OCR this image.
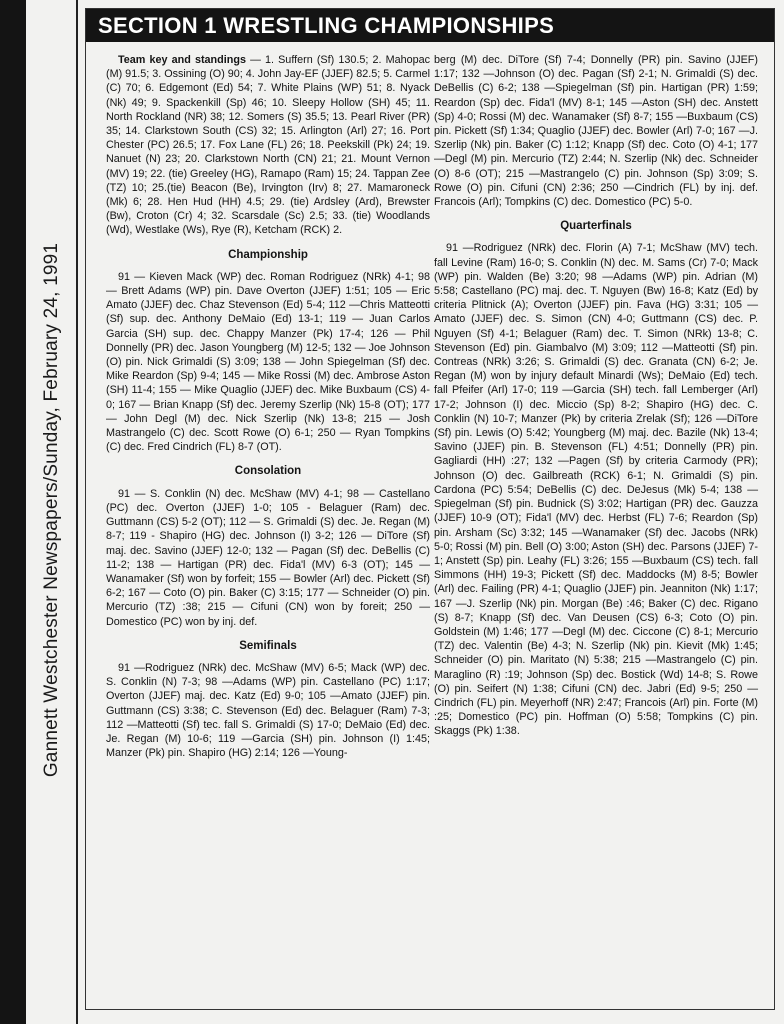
Gannett Westchester Newspapers/Sunday, February 24, 1991
SECTION 1 WRESTLING CHAMPIONSHIPS

Team key and standings — 1. Suffern (Sf) 130.5; 2. Mahopac (M) 91.5; 3. Ossining (O) 90; 4. John Jay-EF (JJEF) 82.5; 5. Carmel (C) 70; 6. Edgemont (Ed) 54; 7. White Plains (WP) 51; 8. Nyack (Nk) 49; 9. Spackenkill (Sp) 46; 10. Sleepy Hollow (SH) 45; 11. North Rockland (NR) 38; 12. Somers (S) 35.5; 13. Pearl River (PR) 35; 14. Clarkstown South (CS) 32; 15. Arlington (Arl) 27; 16. Port Chester (PC) 26.5; 17. Fox Lane (FL) 26; 18. Peekskill (Pk) 24; 19. Nanuet (N) 23; 20. Clarkstown North (CN) 21; 21. Mount Vernon (MV) 19; 22. (tie) Greeley (HG), Ramapo (Ram) 15; 24. Tappan Zee (TZ) 10; 25.(tie) Beacon (Be), Irvington (Irv) 8; 27. Mamaroneck (Mk) 6; 28. Hen Hud (HH) 4.5; 29. (tie) Ardsley (Ard), Brewster (Bw), Croton (Cr) 4; 32. Scarsdale (Sc) 2.5; 33. (tie) Woodlands (Wd), Westlake (Ws), Rye (R), Ketcham (RCK) 2.

Championship

91 — Kieven Mack (WP) dec. Roman Rodriguez (NRk) 4-1; 98 — Brett Adams (WP) pin. Dave Overton (JJEF) 1:51; 105 — Eric Amato (JJEF) dec. Chaz Stevenson (Ed) 5-4; 112 —Chris Matteotti (Sf) sup. dec. Anthony DeMaio (Ed) 13-1; 119 — Juan Carlos Garcia (SH) sup. dec. Chappy Manzer (Pk) 17-4; 126 — Phil Donnelly (PR) dec. Jason Youngberg (M) 12-5; 132 — Joe Johnson (O) pin. Nick Grimaldi (S) 3:09; 138 — John Spiegelman (Sf) dec. Mike Reardon (Sp) 9-4; 145 — Mike Rossi (M) dec. Ambrose Aston (SH) 11-4; 155 — Mike Quaglio (JJEF) dec. Mike Buxbaum (CS) 4-0; 167 — Brian Knapp (Sf) dec. Jeremy Szerlip (Nk) 15-8 (OT); 177 — John Degl (M) dec. Nick Szerlip (Nk) 13-8; 215 — Josh Mastrangelo (C) dec. Scott Rowe (O) 6-1; 250 — Ryan Tompkins (C) dec. Fred Cindrich (FL) 8-7 (OT).

Consolation

91 — S. Conklin (N) dec. McShaw (MV) 4-1; 98 — Castellano (PC) dec. Overton (JJEF) 1-0; 105 - Belaguer (Ram) dec. Guttmann (CS) 5-2 (OT); 112 — S. Grimaldi (S) dec. Je. Regan (M) 8-7; 119 - Shapiro (HG) dec. Johnson (I) 3-2; 126 — DiTore (Sf) maj. dec. Savino (JJEF) 12-0; 132 — Pagan (Sf) dec. DeBellis (C) 11-2; 138 — Hartigan (PR) dec. Fida'l (MV) 6-3 (OT); 145 — Wanamaker (Sf) won by forfeit; 155 — Bowler (Arl) dec. Pickett (Sf) 6-2; 167 — Coto (O) pin. Baker (C) 3:15; 177 — Schneider (O) pin. Mercurio (TZ) :38; 215 — Cifuni (CN) won by foreit; 250 — Domestico (PC) won by inj. def.

Semifinals

91 —Rodriguez (NRk) dec. McShaw (MV) 6-5; Mack (WP) dec. S. Conklin (N) 7-3; 98 —Adams (WP) pin. Castellano (PC) 1:17; Overton (JJEF) maj. dec. Katz (Ed) 9-0; 105 —Amato (JJEF) pin. Guttmann (CS) 3:38; C. Stevenson (Ed) dec. Belaguer (Ram) 7-3; 112 —Matteotti (Sf) tec. fall S. Grimaldi (S) 17-0; DeMaio (Ed) dec. Je. Regan (M) 10-6; 119 —Garcia (SH) pin. Johnson (I) 1:45; Manzer (Pk) pin. Shapiro (HG) 2:14; 126 —Young-

berg (M) dec. DiTore (Sf) 7-4; Donnelly (PR) pin. Savino (JJEF) 1:17; 132 —Johnson (O) dec. Pagan (Sf) 2-1; N. Grimaldi (S) dec. DeBellis (C) 6-2; 138 —Spiegelman (Sf) pin. Hartigan (PR) 1:59; Reardon (Sp) dec. Fida'l (MV) 8-1; 145 —Aston (SH) dec. Anstett (Sp) 4-0; Rossi (M) dec. Wanamaker (Sf) 8-7; 155 —Buxbaum (CS) pin. Pickett (Sf) 1:34; Quaglio (JJEF) dec. Bowler (Arl) 7-0; 167 —J. Szerlip (Nk) pin. Baker (C) 1:12; Knapp (Sf) dec. Coto (O) 4-1; 177 —Degl (M) pin. Mercurio (TZ) 2:44; N. Szerlip (Nk) dec. Schneider (O) 8-6 (OT); 215 —Mastrangelo (C) pin. Johnson (Sp) 3:09; S. Rowe (O) pin. Cifuni (CN) 2:36; 250 —Cindrich (FL) by inj. def. Francois (Arl); Tompkins (C) dec. Domestico (PC) 5-0.

Quarterfinals

91 —Rodriguez (NRk) dec. Florin (A) 7-1; McShaw (MV) tech. fall Levine (Ram) 16-0; S. Conklin (N) dec. M. Sams (Cr) 7-0; Mack (WP) pin. Walden (Be) 3:20; 98 —Adams (WP) pin. Adrian (M) 5:58; Castellano (PC) maj. dec. T. Nguyen (Bw) 16-8; Katz (Ed) by criteria Plitnick (A); Overton (JJEF) pin. Fava (HG) 3:31; 105 —Amato (JJEF) dec. S. Simon (CN) 4-0; Guttmann (CS) dec. P. Nguyen (Sf) 4-1; Belaguer (Ram) dec. T. Simon (NRk) 13-8; C. Stevenson (Ed) pin. Giambalvo (M) 3:09; 112 —Matteotti (Sf) pin. Contreas (NRk) 3:26; S. Grimaldi (S) dec. Granata (CN) 6-2; Je. Regan (M) won by injury default Minardi (Ws); DeMaio (Ed) tech. fall Pfeifer (Arl) 17-0; 119 —Garcia (SH) tech. fall Lemberger (Arl) 17-2; Johnson (I) dec. Miccio (Sp) 8-2; Shapiro (HG) dec. C. Conklin (N) 10-7; Manzer (Pk) by criteria Zrelak (Sf); 126 —DiTore (Sf) pin. Lewis (O) 5:42; Youngberg (M) maj. dec. Bazile (Nk) 13-4; Savino (JJEF) pin. B. Stevenson (FL) 4:51; Donnelly (PR) pin. Gagliardi (HH) :27; 132 —Pagen (Sf) by criteria Carmody (PR); Johnson (O) dec. Gailbreath (RCK) 6-1; N. Grimaldi (S) pin. Cardona (PC) 5:54; DeBellis (C) dec. DeJesus (Mk) 5-4; 138 —Spiegelman (Sf) pin. Budnick (S) 3:02; Hartigan (PR) dec. Gauzza (JJEF) 10-9 (OT); Fida'l (MV) dec. Herbst (FL) 7-6; Reardon (Sp) pin. Arsham (Sc) 3:32; 145 —Wanamaker (Sf) dec. Jacobs (NRk) 5-0; Rossi (M) pin. Bell (O) 3:00; Aston (SH) dec. Parsons (JJEF) 7-1; Anstett (Sp) pin. Leahy (FL) 3:26; 155 —Buxbaum (CS) tech. fall Simmons (HH) 19-3; Pickett (Sf) dec. Maddocks (M) 8-5; Bowler (Arl) dec. Failing (PR) 4-1; Quaglio (JJEF) pin. Jeanniton (Nk) 1:17; 167 —J. Szerlip (Nk) pin. Morgan (Be) :46; Baker (C) dec. Rigano (S) 8-7; Knapp (Sf) dec. Van Deusen (CS) 6-3; Coto (O) pin. Goldstein (M) 1:46; 177 —Degl (M) dec. Ciccone (C) 8-1; Mercurio (TZ) dec. Valentin (Be) 4-3; N. Szerlip (Nk) pin. Kievit (Mk) 1:45; Schneider (O) pin. Maritato (N) 5:38; 215 —Mastrangelo (C) pin. Maraglino (R) :19; Johnson (Sp) dec. Bostick (Wd) 14-8; S. Rowe (O) pin. Seifert (N) 1:38; Cifuni (CN) dec. Jabri (Ed) 9-5; 250 —Cindrich (FL) pin. Meyerhoff (NR) 2:47; Francois (Arl) pin. Forte (M) :25; Domestico (PC) pin. Hoffman (O) 5:58; Tompkins (C) pin. Skaggs (Pk) 1:38.
